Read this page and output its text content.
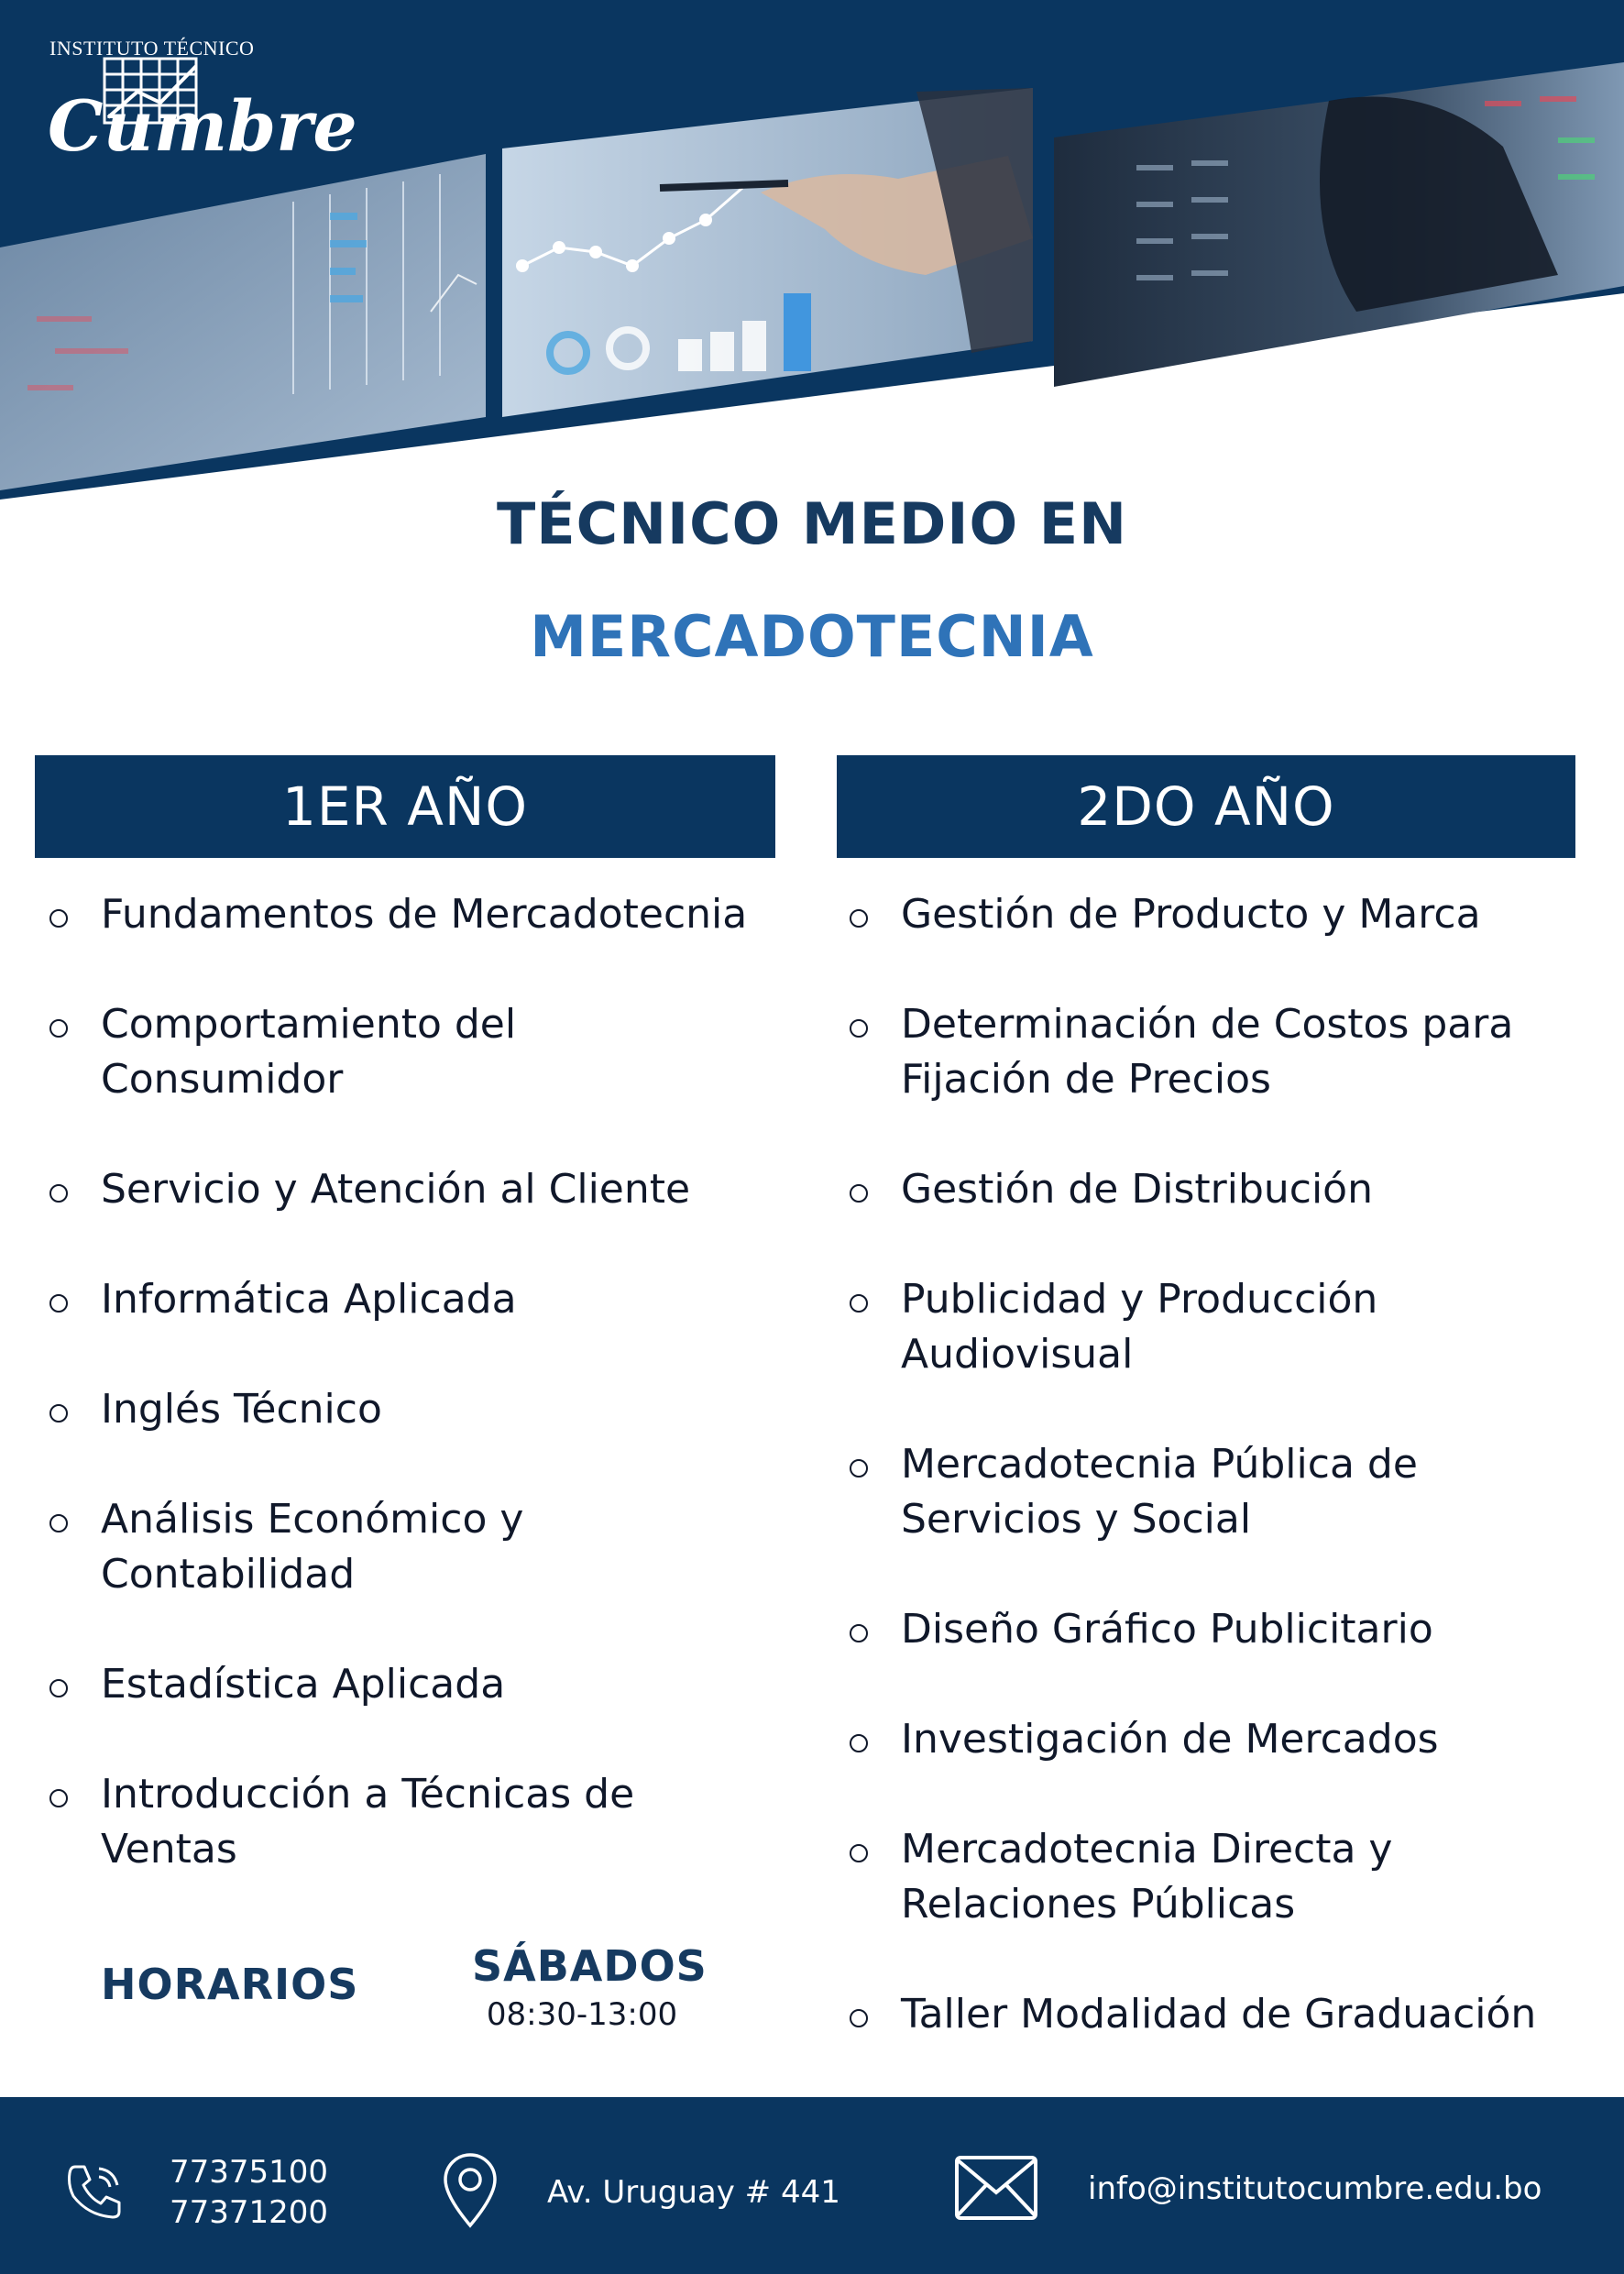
INSTITUTO TÉCNICO
Cumbre
TÉCNICO MEDIO EN
MERCADOTECNIA
1ER AÑO	2DO AÑO
Fundamentos de Mercadotecnia
Comportamiento del
Consumidor
Servicio y Atención al Cliente
Informática Aplicada
Inglés Técnico
Análisis Económico y
Contabilidad
Estadística Aplicada
Introducción a Técnicas de
Ventas
Gestión de Producto y Marca
Determinación de Costos para
Fijación de Precios
Gestión de Distribución
Publicidad y Producción
Audiovisual
Mercadotecnia Pública de
Servicios y Social
Diseño Gráfico Publicitario
Investigación de Mercados
Mercadotecnia Directa y
Relaciones Públicas
Taller Modalidad de Graduación
HORARIOS	SÁBADOS
08:30-13:00
77375100
77371200
Av. Uruguay # 441	info@institutocumbre.edu.bo
